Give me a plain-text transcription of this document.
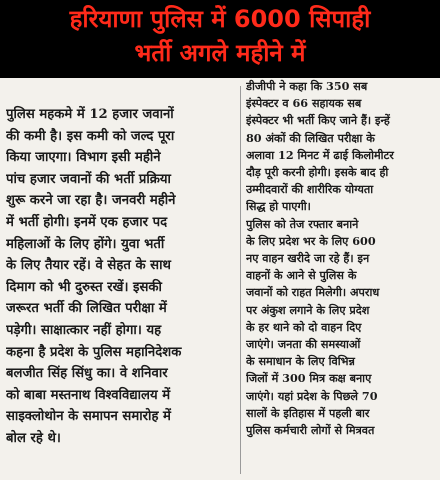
हरियाणा पुलिस में 6000 सिपाही
भर्ती अगले महीने में
पुलिस महकमे में 12 हजार जवानों
की कमी है। इस कमी को जल्द पूरा
किया जाएगा। विभाग इसी महीने
पांच हजार जवानों की भर्ती प्रक्रिया
शुरू करने जा रहा है। जनवरी महीने
में भर्ती होगी। इनमें एक हजार पद
महिलाओं के लिए होंगे। युवा भर्ती
के लिए तैयार रहें। वे सेहत के साथ
दिमाग को भी दुरुस्त रखें। इसकी
जरूरत भर्ती की लिखित परीक्षा में
पड़ेगी। साक्षात्कार नहीं होगा। यह
कहना है प्रदेश के पुलिस महानिदेशक
बलजीत सिंह सिंधु का। वे शनिवार
को बाबा मस्तनाथ विश्वविद्यालय में
साइक्लोथोन के समापन समारोह में
बोल रहे थे।
डीजीपी ने कहा कि 350 सब
इंस्पेक्टर व 66 सहायक सब
इंस्पेक्टर भी भर्ती किए जाने हैं। इन्हें
80 अंकों की लिखित परीक्षा के
अलावा 12 मिनट में ढाई किलोमीटर
दौड़ पूरी करनी होगी। इसके बाद ही
उम्मीदवारों की शारीरिक योग्यता
सिद्ध हो पाएगी।
पुलिस को तेज रफ्तार बनाने
के लिए प्रदेश भर के लिए 600
नए वाहन खरीदे जा रहे हैं। इन
वाहनों के आने से पुलिस के
जवानों को राहत मिलेगी। अपराध
पर अंकुश लगाने के लिए प्रदेश
के हर थाने को दो वाहन दिए
जाएंगे। जनता की समस्याओं
के समाधान के लिए विभिन्न
जिलों में 300 मित्र कक्ष बनाए
जाएंगे। यहां प्रदेश के पिछले 70
सालों के इतिहास में पहली बार
पुलिस कर्मचारी लोगों से मित्रवत
